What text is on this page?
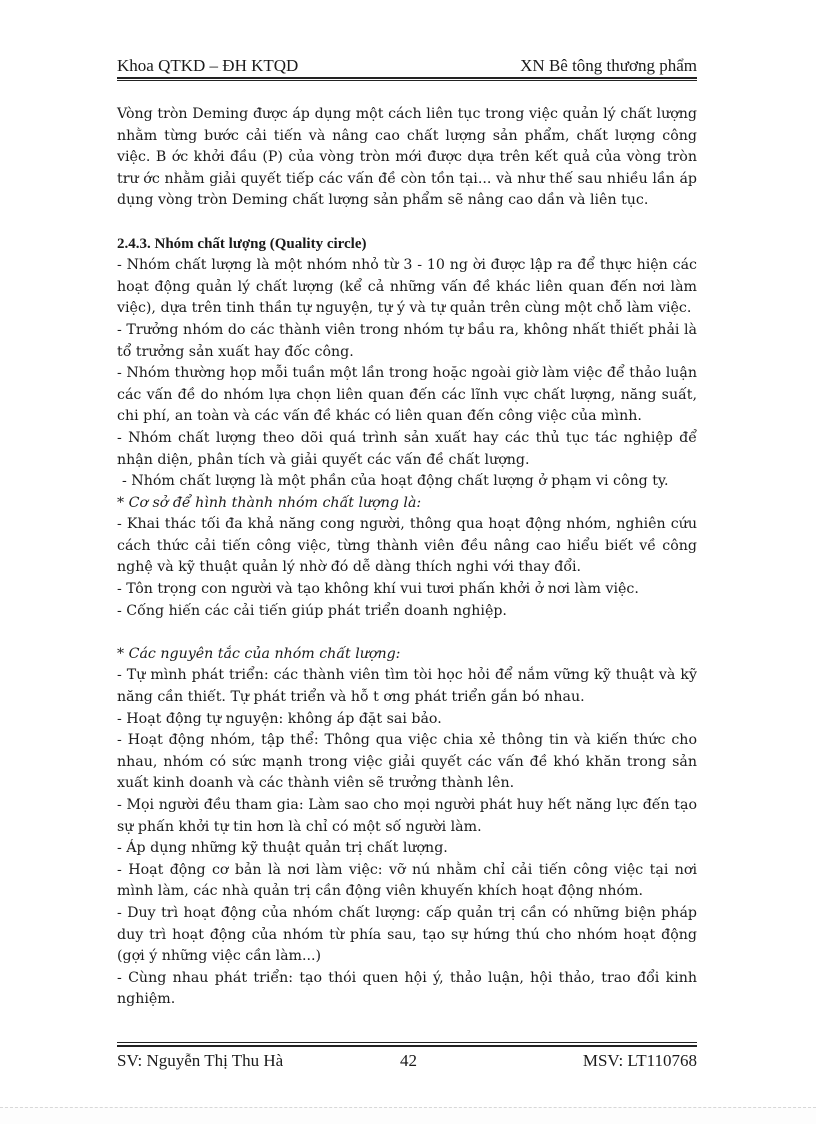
Khoa QTKD – ĐH KTQD	XN Bê tông thương phẩm

Vòng tròn Deming được áp dụng một cách liên tục trong việc quản lý chất lượng nhằm từng bước cải tiến và nâng cao chất lượng sản phẩm, chất lượng công việc. B ớc khởi đầu (P) của vòng tròn mới được dựa trên kết quả của vòng tròn trư ớc nhằm giải quyết tiếp các vấn đề còn tồn tại... và như thế sau nhiều lần áp dụng vòng tròn Deming chất lượng sản phẩm sẽ nâng cao dần và liên tục.

2.4.3. Nhóm chất lượng (Quality circle)

- Nhóm chất lượng là một nhóm nhỏ từ 3 - 10 ng ời được lập ra để thực hiện các hoạt động quản lý chất lượng (kể cả những vấn đề khác liên quan đến nơi làm việc), dựa trên tinh thần tự nguyện, tự ý và tự quản trên cùng một chỗ làm việc.

- Trưởng nhóm do các thành viên trong nhóm tự bầu ra, không nhất thiết phải là tổ trưởng sản xuất hay đốc công.

- Nhóm thường họp mỗi tuần một lần trong hoặc ngoài giờ làm việc để thảo luận các vấn đề do nhóm lựa chọn liên quan đến các lĩnh vực chất lượng, năng suất, chi phí, an toàn và các vấn đề khác có liên quan đến công việc của mình.

- Nhóm chất lượng theo dõi quá trình sản xuất hay các thủ tục tác nghiệp để nhận diện, phân tích và giải quyết các vấn đề chất lượng.

- Nhóm chất lượng là một phần của hoạt động chất lượng ở phạm vi công ty.

* Cơ sở để hình thành nhóm chất lượng là:

- Khai thác tối đa khả năng cong người, thông qua hoạt động nhóm, nghiên cứu cách thức cải tiến công việc, từng thành viên đều nâng cao hiểu biết về công nghệ và kỹ thuật quản lý nhờ đó dễ dàng thích nghi với thay đổi.

- Tôn trọng con người và tạo không khí vui tươi phấn khởi ở nơi làm việc.

- Cống hiến các cải tiến giúp phát triển doanh nghiệp.

* Các nguyên tắc của nhóm chất lượng:

- Tự mình phát triển: các thành viên tìm tòi học hỏi để nắm vững kỹ thuật và kỹ năng cần thiết. Tự phát triển và hỗ t ơng phát triển gắn bó nhau.

- Hoạt động tự nguyện: không áp đặt sai bảo.

- Hoạt động nhóm, tập thể: Thông qua việc chia xẻ thông tin và kiến thức cho nhau, nhóm có sức mạnh trong việc giải quyết các vấn đề khó khăn trong sản xuất kinh doanh và các thành viên sẽ trưởng thành lên.

- Mọi người đều tham gia: Làm sao cho mọi người phát huy hết năng lực đến tạo sự phấn khởi tự tin hơn là chỉ có một số người làm.

- Áp dụng những kỹ thuật quản trị chất lượng.

- Hoạt động cơ bản là nơi làm việc: vỡ nú nhằm chỉ cải tiến công việc tại nơi mình làm, các nhà quản trị cần động viên khuyến khích hoạt động nhóm.

- Duy trì hoạt động của nhóm chất lượng: cấp quản trị cần có những biện pháp duy trì hoạt động của nhóm từ phía sau, tạo sự hứng thú cho nhóm hoạt động (gợi ý những việc cần làm...)

- Cùng nhau phát triển: tạo thói quen hội ý, thảo luận, hội thảo, trao đổi kinh nghiệm.

SV: Nguyễn Thị Thu Hà	42	MSV: LT110768
